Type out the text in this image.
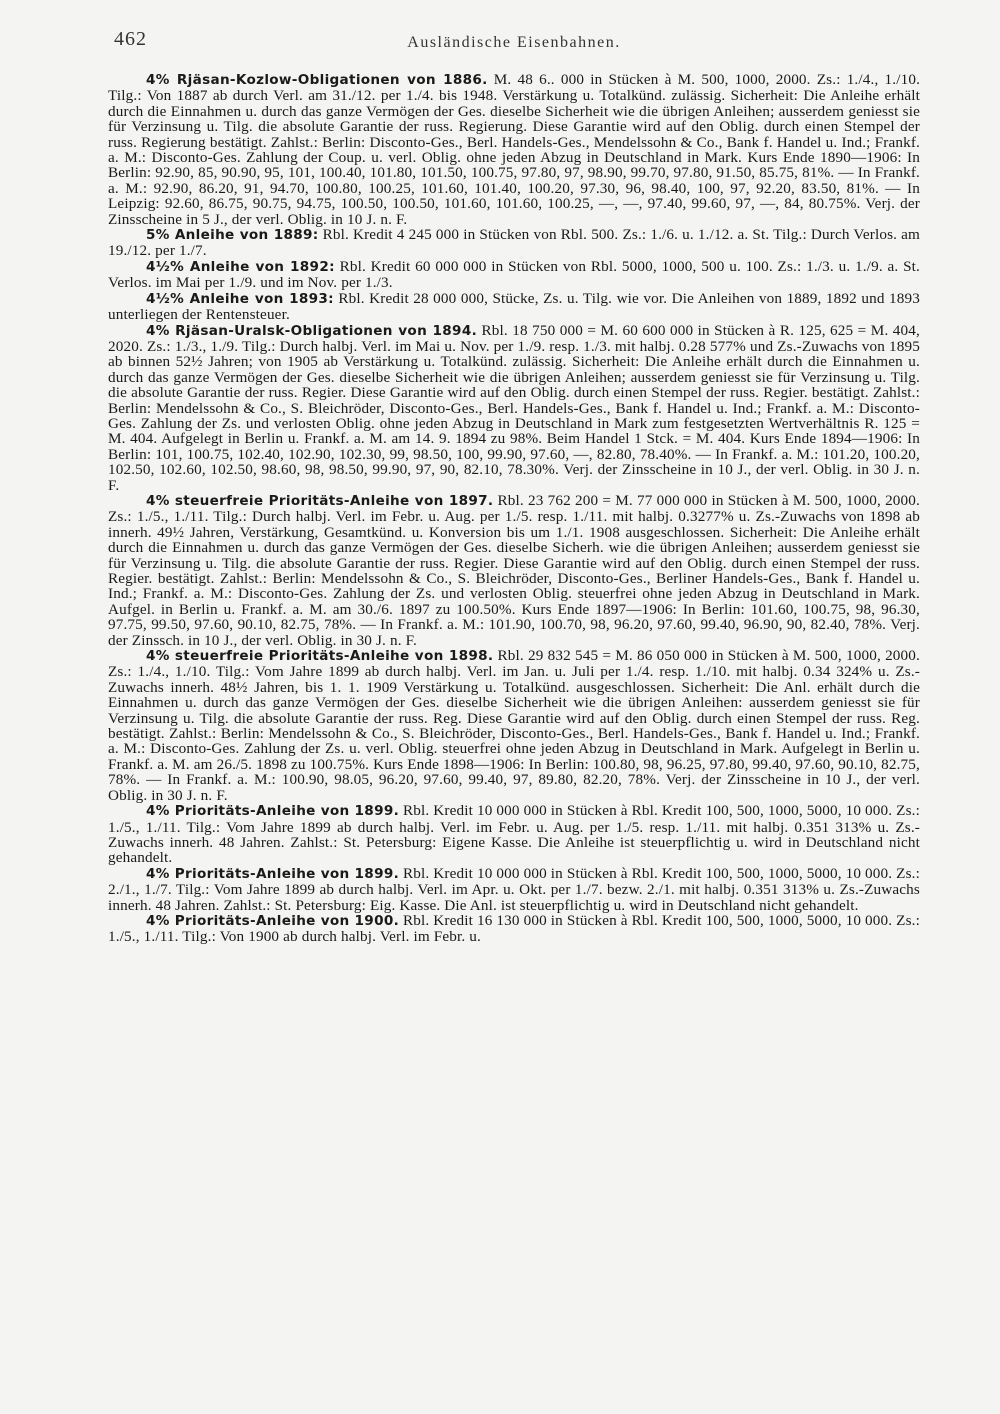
462	Ausländische Eisenbahnen.

4% Rjäsan-Kozlow-Obligationen von 1886. M. 48 6.. 000 in Stücken à M. 500, 1000, 2000. Zs.: 1./4., 1./10. Tilg.: Von 1887 ab durch Verl. am 31./12. per 1./4. bis 1948. Verstärkung u. Totalkünd. zulässig. Sicherheit: Die Anleihe erhält durch die Einnahmen u. durch das ganze Vermögen der Ges. dieselbe Sicherheit wie die übrigen Anleihen; ausserdem geniesst sie für Verzinsung u. Tilg. die absolute Garantie der russ. Regierung. Diese Garantie wird auf den Oblig. durch einen Stempel der russ. Regierung bestätigt. Zahlst.: Berlin: Disconto-Ges., Berl. Handels-Ges., Mendelssohn & Co., Bank f. Handel u. Ind.; Frankf. a. M.: Disconto-Ges. Zahlung der Coup. u. verl. Oblig. ohne jeden Abzug in Deutschland in Mark. Kurs Ende 1890—1906: In Berlin: 92.90, 85, 90.90, 95, 101, 100.40, 101.80, 101.50, 100.75, 97.80, 97, 98.90, 99.70, 97.80, 91.50, 85.75, 81%. — In Frankf. a. M.: 92.90, 86.20, 91, 94.70, 100.80, 100.25, 101.60, 101.40, 100.20, 97.30, 96, 98.40, 100, 97, 92.20, 83.50, 81%. — In Leipzig: 92.60, 86.75, 90.75, 94.75, 100.50, 100.50, 101.60, 101.60, 100.25, —, —, 97.40, 99.60, 97, —, 84, 80.75%. Verj. der Zinsscheine in 5 J., der verl. Oblig. in 10 J. n. F.

5% Anleihe von 1889: Rbl. Kredit 4 245 000 in Stücken von Rbl. 500. Zs.: 1./6. u. 1./12. a. St. Tilg.: Durch Verlos. am 19./12. per 1./7.

4½% Anleihe von 1892: Rbl. Kredit 60 000 000 in Stücken von Rbl. 5000, 1000, 500 u. 100. Zs.: 1./3. u. 1./9. a. St. Verlos. im Mai per 1./9. und im Nov. per 1./3.

4½% Anleihe von 1893: Rbl. Kredit 28 000 000, Stücke, Zs. u. Tilg. wie vor. Die Anleihen von 1889, 1892 und 1893 unterliegen der Rentensteuer.

4% Rjäsan-Uralsk-Obligationen von 1894. Rbl. 18 750 000 = M. 60 600 000 in Stücken à R. 125, 625 = M. 404, 2020. Zs.: 1./3., 1./9. Tilg.: Durch halbj. Verl. im Mai u. Nov. per 1./9. resp. 1./3. mit halbj. 0.28 577% und Zs.-Zuwachs von 1895 ab binnen 52½ Jahren; von 1905 ab Verstärkung u. Totalkünd. zulässig. Sicherheit: Die Anleihe erhält durch die Einnahmen u. durch das ganze Vermögen der Ges. dieselbe Sicherheit wie die übrigen Anleihen; ausserdem geniesst sie für Verzinsung u. Tilg. die absolute Garantie der russ. Regier. Diese Garantie wird auf den Oblig. durch einen Stempel der russ. Regier. bestätigt. Zahlst.: Berlin: Mendelssohn & Co., S. Bleichröder, Disconto-Ges., Berl. Handels-Ges., Bank f. Handel u. Ind.; Frankf. a. M.: Disconto-Ges. Zahlung der Zs. und verlosten Oblig. ohne jeden Abzug in Deutschland in Mark zum festgesetzten Wertverhältnis R. 125 = M. 404. Aufgelegt in Berlin u. Frankf. a. M. am 14. 9. 1894 zu 98%. Beim Handel 1 Stck. = M. 404. Kurs Ende 1894—1906: In Berlin: 101, 100.75, 102.40, 102.90, 102.30, 99, 98.50, 100, 99.90, 97.60, —, 82.80, 78.40%. — In Frankf. a. M.: 101.20, 100.20, 102.50, 102.60, 102.50, 98.60, 98, 98.50, 99.90, 97, 90, 82.10, 78.30%. Verj. der Zinsscheine in 10 J., der verl. Oblig. in 30 J. n. F.

4% steuerfreie Prioritäts-Anleihe von 1897. Rbl. 23 762 200 = M. 77 000 000 in Stücken à M. 500, 1000, 2000. Zs.: 1./5., 1./11. Tilg.: Durch halbj. Verl. im Febr. u. Aug. per 1./5. resp. 1./11. mit halbj. 0.3277% u. Zs.-Zuwachs von 1898 ab innerh. 49½ Jahren, Verstärkung, Gesamtkünd. u. Konversion bis um 1./1. 1908 ausgeschlossen. Sicherheit: Die Anleihe erhält durch die Einnahmen u. durch das ganze Vermögen der Ges. dieselbe Sicherh. wie die übrigen Anleihen; ausserdem geniesst sie für Verzinsung u. Tilg. die absolute Garantie der russ. Regier. Diese Garantie wird auf den Oblig. durch einen Stempel der russ. Regier. bestätigt. Zahlst.: Berlin: Mendelssohn & Co., S. Bleichröder, Disconto-Ges., Berliner Handels-Ges., Bank f. Handel u. Ind.; Frankf. a. M.: Disconto-Ges. Zahlung der Zs. und verlosten Oblig. steuerfrei ohne jeden Abzug in Deutschland in Mark. Aufgel. in Berlin u. Frankf. a. M. am 30./6. 1897 zu 100.50%. Kurs Ende 1897—1906: In Berlin: 101.60, 100.75, 98, 96.30, 97.75, 99.50, 97.60, 90.10, 82.75, 78%. — In Frankf. a. M.: 101.90, 100.70, 98, 96.20, 97.60, 99.40, 96.90, 90, 82.40, 78%. Verj. der Zinssch. in 10 J., der verl. Oblig. in 30 J. n. F.

4% steuerfreie Prioritäts-Anleihe von 1898. Rbl. 29 832 545 = M. 86 050 000 in Stücken à M. 500, 1000, 2000. Zs.: 1./4., 1./10. Tilg.: Vom Jahre 1899 ab durch halbj. Verl. im Jan. u. Juli per 1./4. resp. 1./10. mit halbj. 0.34 324% u. Zs.-Zuwachs innerh. 48½ Jahren, bis 1. 1. 1909 Verstärkung u. Totalkünd. ausgeschlossen. Sicherheit: Die Anl. erhält durch die Einnahmen u. durch das ganze Vermögen der Ges. dieselbe Sicherheit wie die übrigen Anleihen: ausserdem geniesst sie für Verzinsung u. Tilg. die absolute Garantie der russ. Reg. Diese Garantie wird auf den Oblig. durch einen Stempel der russ. Reg. bestätigt. Zahlst.: Berlin: Mendelssohn & Co., S. Bleichröder, Disconto-Ges., Berl. Handels-Ges., Bank f. Handel u. Ind.; Frankf. a. M.: Disconto-Ges. Zahlung der Zs. u. verl. Oblig. steuerfrei ohne jeden Abzug in Deutschland in Mark. Aufgelegt in Berlin u. Frankf. a. M. am 26./5. 1898 zu 100.75%. Kurs Ende 1898—1906: In Berlin: 100.80, 98, 96.25, 97.80, 99.40, 97.60, 90.10, 82.75, 78%. — In Frankf. a. M.: 100.90, 98.05, 96.20, 97.60, 99.40, 97, 89.80, 82.20, 78%. Verj. der Zinsscheine in 10 J., der verl. Oblig. in 30 J. n. F.

4% Prioritäts-Anleihe von 1899. Rbl. Kredit 10 000 000 in Stücken à Rbl. Kredit 100, 500, 1000, 5000, 10 000. Zs.: 1./5., 1./11. Tilg.: Vom Jahre 1899 ab durch halbj. Verl. im Febr. u. Aug. per 1./5. resp. 1./11. mit halbj. 0.351 313% u. Zs.-Zuwachs innerh. 48 Jahren. Zahlst.: St. Petersburg: Eigene Kasse. Die Anleihe ist steuerpflichtig u. wird in Deutschland nicht gehandelt.

4% Prioritäts-Anleihe von 1899. Rbl. Kredit 10 000 000 in Stücken à Rbl. Kredit 100, 500, 1000, 5000, 10 000. Zs.: 2./1., 1./7. Tilg.: Vom Jahre 1899 ab durch halbj. Verl. im Apr. u. Okt. per 1./7. bezw. 2./1. mit halbj. 0.351 313% u. Zs.-Zuwachs innerh. 48 Jahren. Zahlst.: St. Petersburg: Eig. Kasse. Die Anl. ist steuerpflichtig u. wird in Deutschland nicht gehandelt.

4% Prioritäts-Anleihe von 1900. Rbl. Kredit 16 130 000 in Stücken à Rbl. Kredit 100, 500, 1000, 5000, 10 000. Zs.: 1./5., 1./11. Tilg.: Von 1900 ab durch halbj. Verl. im Febr. u.
